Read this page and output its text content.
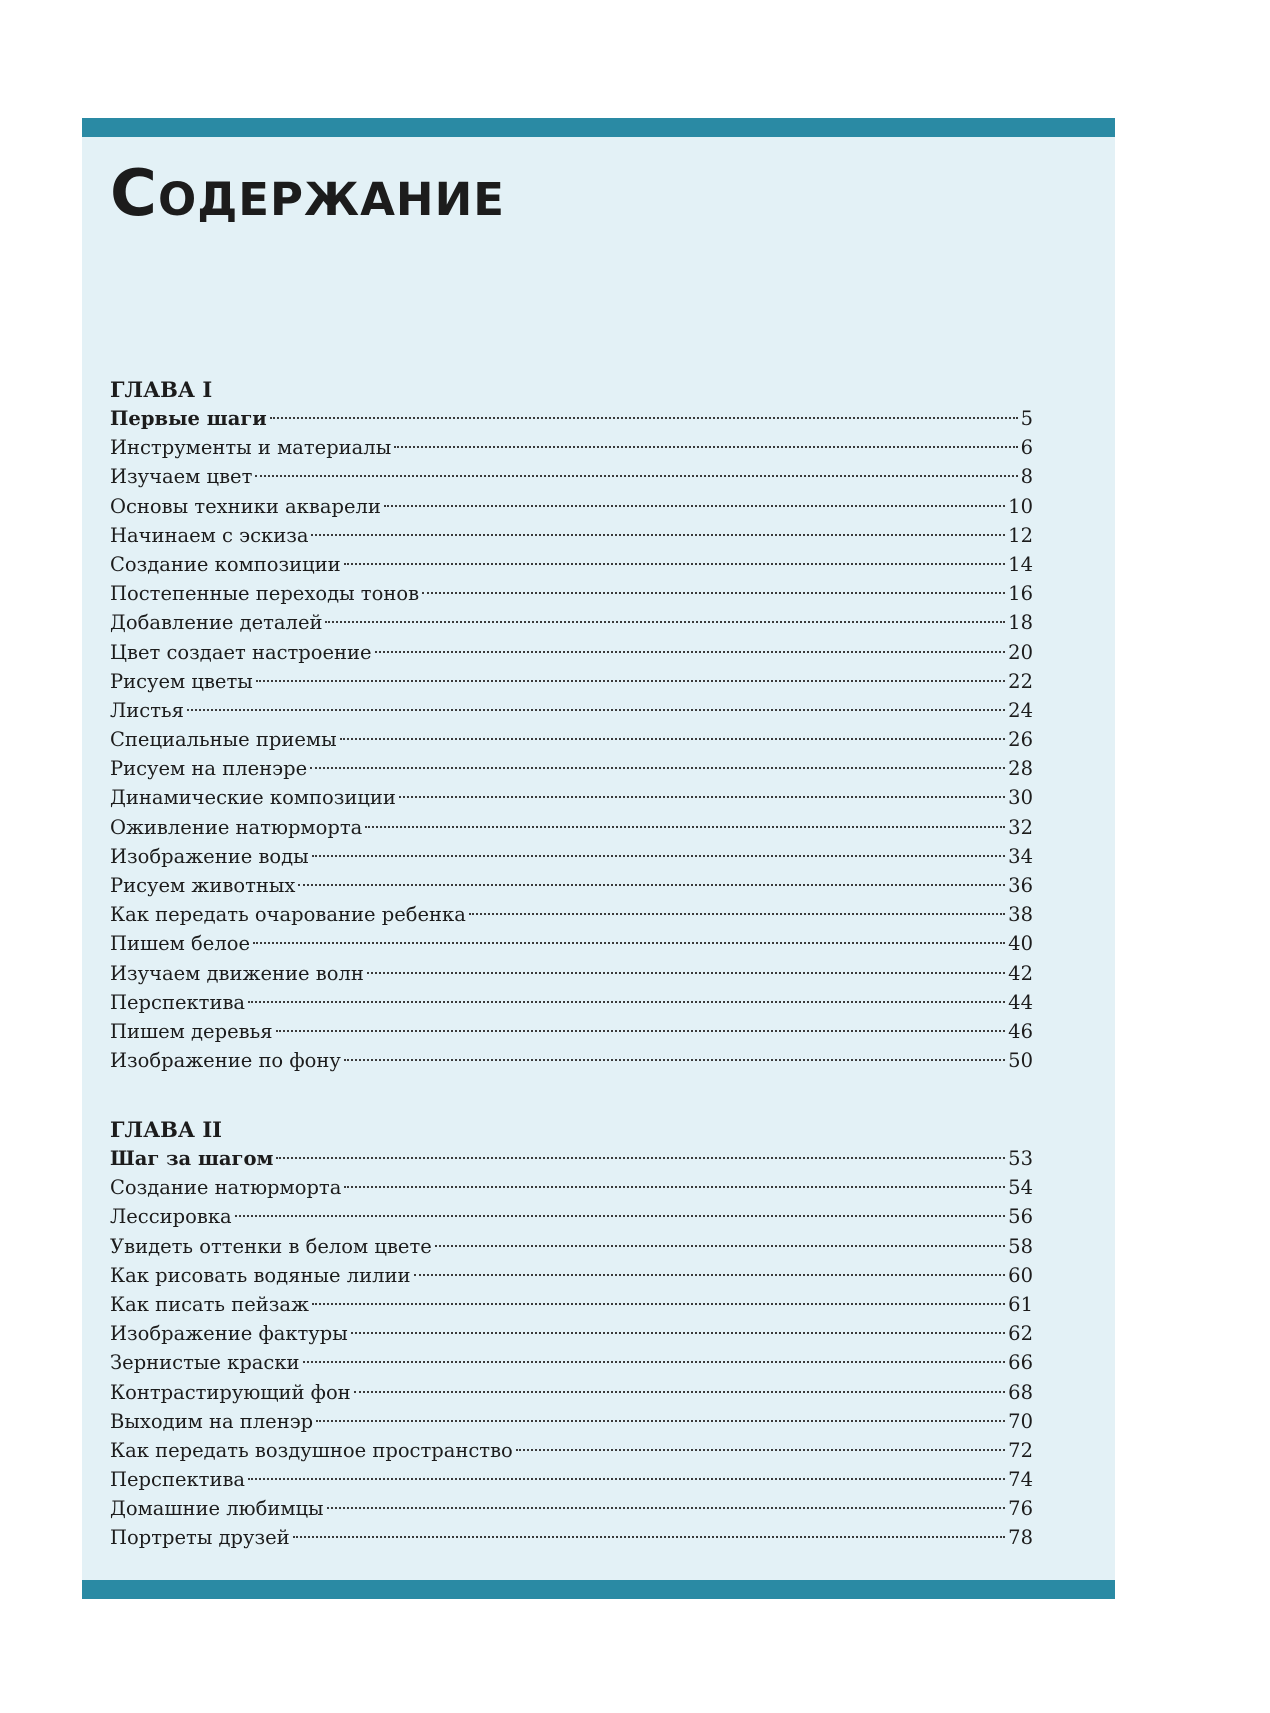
Содержание
ГЛАВА I
Первые шаги	5
Инструменты и материалы	6
Изучаем цвет	8
Основы техники акварели	10
Начинаем с эскиза	12
Создание композиции	14
Постепенные переходы тонов	16
Добавление деталей	18
Цвет создает настроение	20
Рисуем цветы	22
Листья	24
Специальные приемы	26
Рисуем на пленэре	28
Динамические композиции	30
Оживление натюрморта	32
Изображение воды	34
Рисуем животных	36
Как передать очарование ребенка	38
Пишем белое	40
Изучаем движение волн	42
Перспектива	44
Пишем деревья	46
Изображение по фону	50
ГЛАВА II
Шаг за шагом	53
Создание натюрморта	54
Лессировка	56
Увидеть оттенки в белом цвете	58
Как рисовать водяные лилии	60
Как писать пейзаж	61
Изображение фактуры	62
Зернистые краски	66
Контрастирующий фон	68
Выходим на пленэр	70
Как передать воздушное пространство	72
Перспектива	74
Домашние любимцы	76
Портреты друзей	78
